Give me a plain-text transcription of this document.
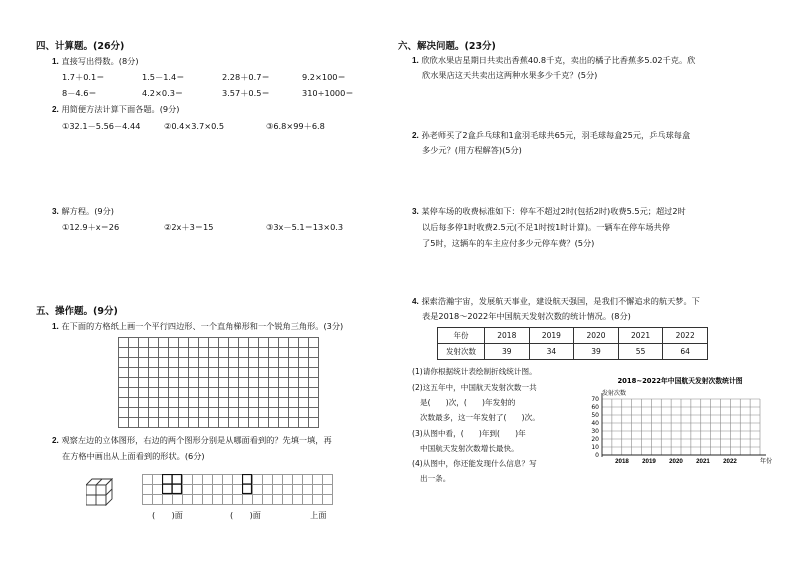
四、计算题。(26分)
1. 直接写出得数。(8分)
1.7＋0.1＝	1.5－1.4＝	2.28＋0.7＝	9.2×100＝
8－4.6＝	4.2×0.3＝	3.57＋0.5＝	310÷1000＝
2. 用简便方法计算下面各题。(9分)
①32.1－5.56－4.44	②0.4×3.7×0.5	③6.8×99＋6.8
3. 解方程。(9分)
①12.9＋x＝26	②2x＋3＝15	③3x－5.1＝13×0.3
五、操作题。(9分)
1. 在下面的方格纸上画一个平行四边形、一个直角梯形和一个锐角三角形。(3分)
2. 观察左边的立体图形，右边的两个图形分别是从哪面看到的？先填一填，再
在方格中画出从上面看到的形状。(6分)
(　　)面	(　　)面	上面
六、解决问题。(23分)
1. 欣欣水果店星期日共卖出香蕉40.8千克，卖出的橘子比香蕉多5.02千克。欣
欣水果店这天共卖出这两种水果多少千克？(5分)
2. 孙老师买了2盒乒乓球和1盒羽毛球共65元，羽毛球每盒25元，乒乓球每盒
多少元？(用方程解答)(5分)
3. 某停车场的收费标准如下：停车不超过2时(包括2时)收费5.5元；超过2时
以后每多停1时收费2.5元(不足1时按1时计算)。一辆车在停车场共停
了5时，这辆车的车主应付多少元停车费？(5分)
4. 探索浩瀚宇宙，发展航天事业，建设航天强国，是我们不懈追求的航天梦。下
表是2018～2022年中国航天发射次数的统计情况。(8分)
年份	2018	2019	2020	2021	2022
发射次数	39	34	39	55	64
(1)请你根据统计表绘制折线统计图。
(2)这五年中，中国航天发射次数一共
是(　　)次，(　　)年发射的
次数最多，这一年发射了(　　)次。
(3)从图中看，(　　)年到(　　)年
中国航天发射次数增长最快。
(4)从图中，你还能发现什么信息？写
出一条。
2018~2022年中国航天发射次数统计图
发射次数
70
60
50
40
30
20
10
0
2018 2019 2020 2021 2022	年份
